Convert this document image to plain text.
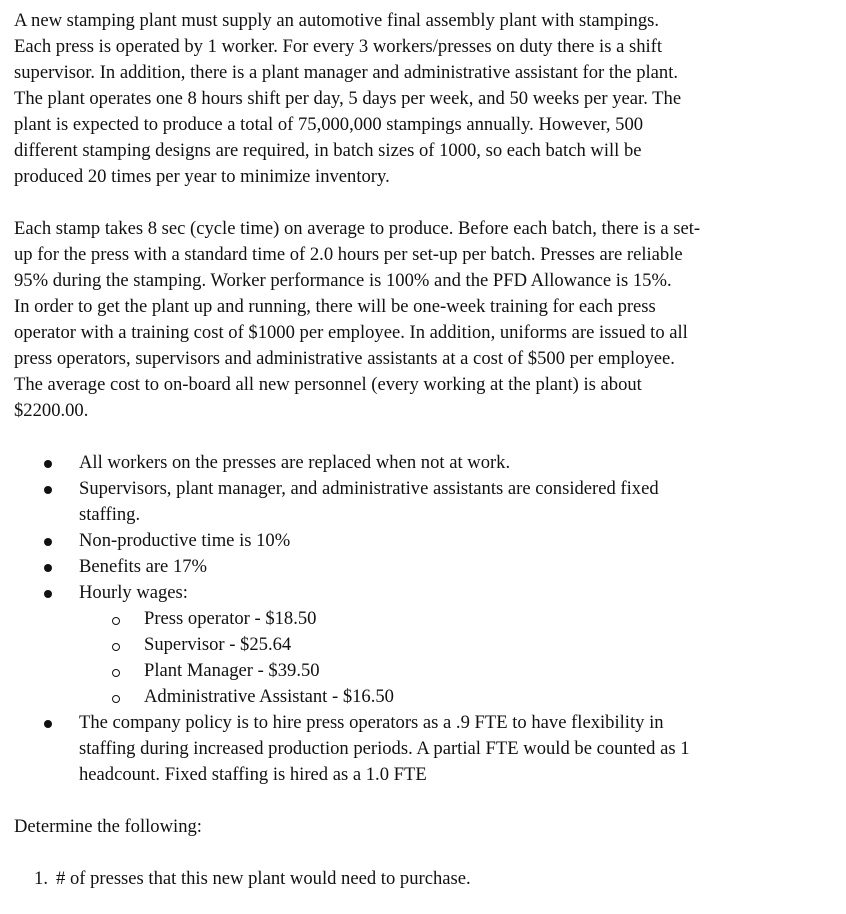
A new stamping plant must supply an automotive final assembly plant with stampings.
Each press is operated by 1 worker. For every 3 workers/presses on duty there is a shift
supervisor. In addition, there is a plant manager and administrative assistant for the plant.
The plant operates one 8 hours shift per day, 5 days per week, and 50 weeks per year. The
plant is expected to produce a total of 75,000,000 stampings annually. However, 500
different stamping designs are required, in batch sizes of 1000, so each batch will be
produced 20 times per year to minimize inventory.

Each stamp takes 8 sec (cycle time) on average to produce. Before each batch, there is a set-
up for the press with a standard time of 2.0 hours per set-up per batch. Presses are reliable
95% during the stamping. Worker performance is 100% and the PFD Allowance is 15%.
In order to get the plant up and running, there will be one-week training for each press
operator with a training cost of $1000 per employee. In addition, uniforms are issued to all
press operators, supervisors and administrative assistants at a cost of $500 per employee.
The average cost to on-board all new personnel (every working at the plant) is about
$2200.00.

All workers on the presses are replaced when not at work.
Supervisors, plant manager, and administrative assistants are considered fixed
staffing.
Non-productive time is 10%
Benefits are 17%
Hourly wages:
Press operator - $18.50
Supervisor - $25.64
Plant Manager - $39.50
Administrative Assistant - $16.50
The company policy is to hire press operators as a .9 FTE to have flexibility in
staffing during increased production periods. A partial FTE would be counted as 1
headcount. Fixed staffing is hired as a 1.0 FTE

Determine the following:

1. # of presses that this new plant would need to purchase.
